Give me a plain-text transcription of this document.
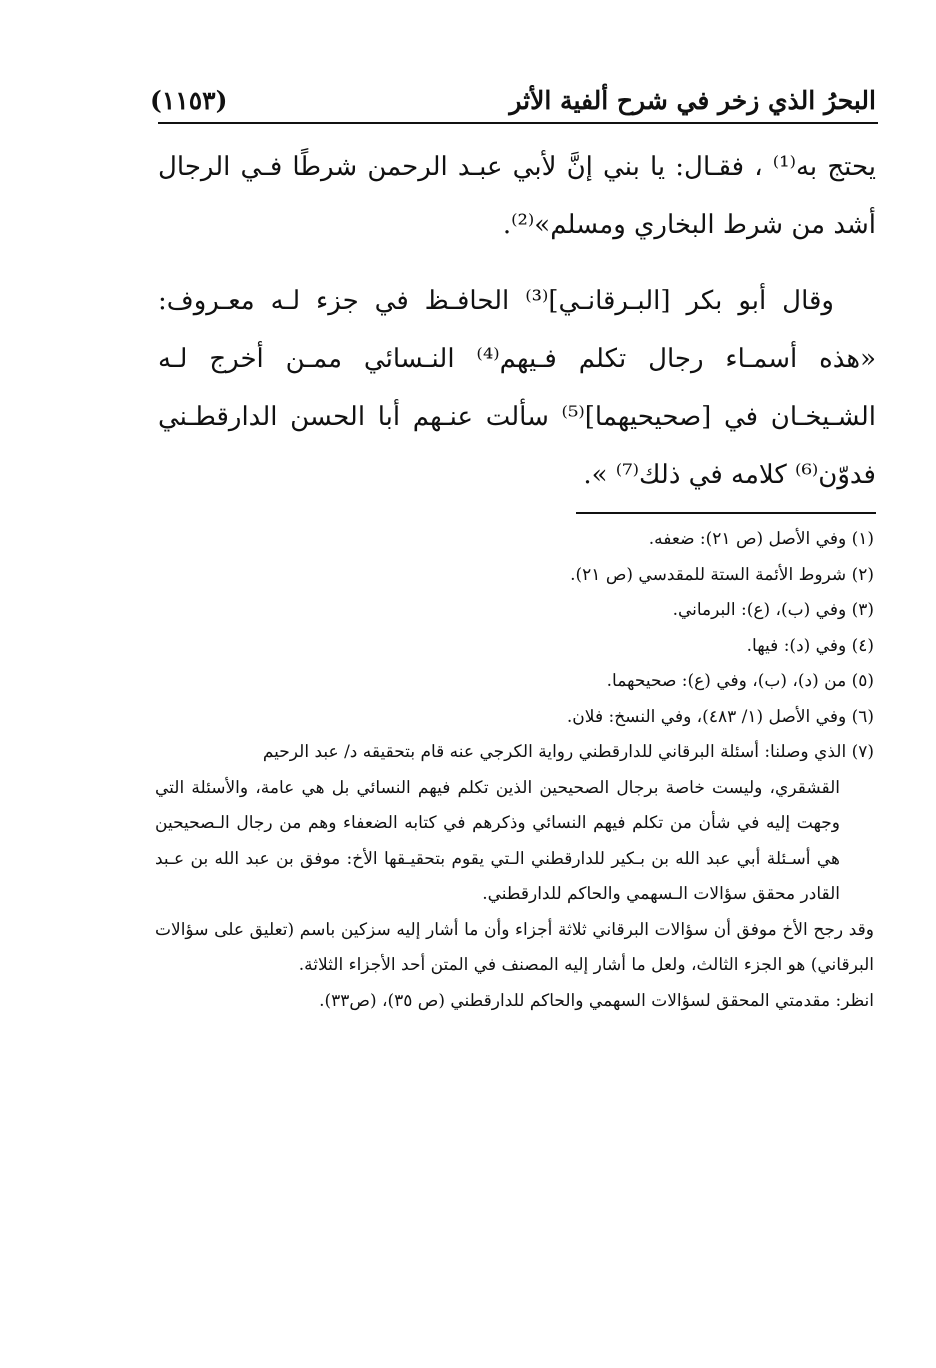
البحرُ الذي زخر في شرح ألفية الأثر
(١١٥٣)

يحتج به⁽¹⁾ ، فقـال: يا بني إنَّ لأبي عبـد الرحمن شرطًا فـي الرجال أشد من شرط البخاري ومسلم»⁽²⁾.

وقال أبو بكر [البـرقانـي]⁽³⁾ الحافـظ في جزء لـه معـروف: «هذه أسمـاء رجال تكلم فـيهم⁽⁴⁾ النـسائي ممـن أخرج لـه الشـيخـان في [صحيحيهما]⁽⁵⁾ سألت عنـهم أبا الحسن الدارقطـني فدوّن⁽⁶⁾ كلامه في ذلك⁽⁷⁾ ».

(١) وفي الأصل (ص ٢١): ضعفه.

(٢) شروط الأئمة الستة للمقدسي (ص ٢١).

(٣) وفي (ب)، (ع): البرماني.

(٤) وفي (د): فيها.

(٥) من (د)، (ب)، وفي (ع): صحيحهما.

(٦) وفي الأصل (١/ ٤٨٣)، وفي النسخ: فلان.

(٧) الذي وصلنا: أسئلة البرقاني للدارقطني رواية الكرجي عنه قام بتحقيقه د/ عبد الرحيم

القشقري، وليست خاصة برجال الصحيحين الذين تكلم فيهم النسائي بل هي عامة، والأسئلة التي وجهت إليه في شأن من تكلم فيهم النسائي وذكرهم في كتابه الضعفاء وهم من رجال الـصحيحين هي أسـئلة أبي عبد الله بن بـكير للدارقطني الـتي يقوم بتحقيـقها الأخ: موفق بن عبد الله بن عـبد القادر محقق سؤالات الـسهمي والحاكم للدارقطني.

وقد رجح الأخ موفق أن سؤالات البرقاني ثلاثة أجزاء وأن ما أشار إليه سزكين باسم (تعليق على سؤالات البرقاني) هو الجزء الثالث، ولعل ما أشار إليه المصنف في المتن أحد الأجزاء الثلاثة.

انظر: مقدمتي المحقق لسؤالات السهمي والحاكم للدارقطني (ص ٣٥)، (ص٣٣).
